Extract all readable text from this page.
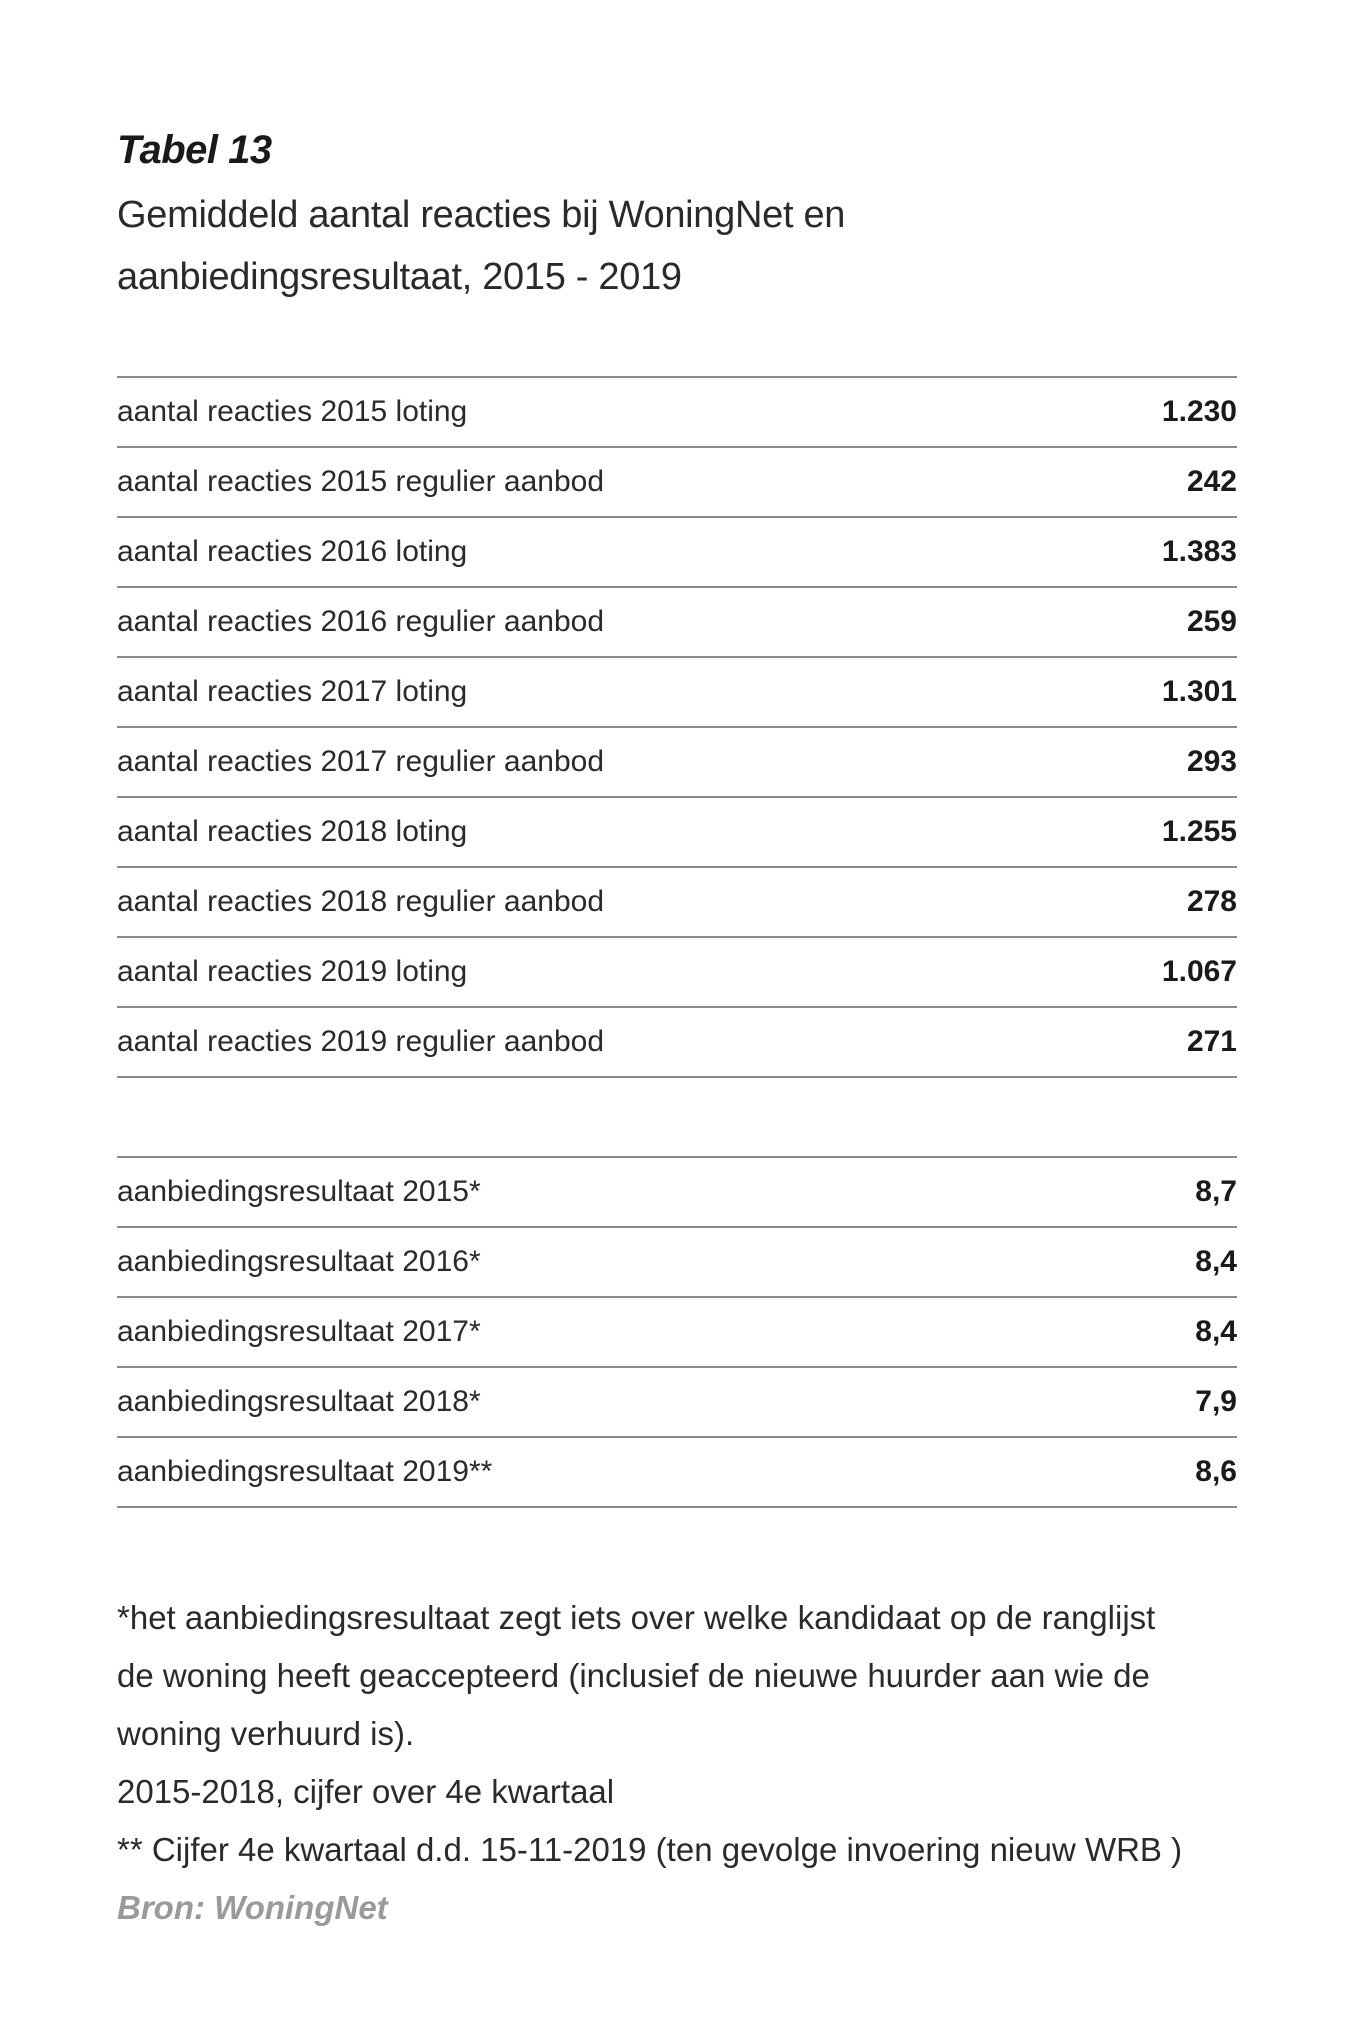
Tabel 13
Gemiddeld aantal reacties bij WoningNet en
aanbiedingsresultaat, 2015 - 2019
aantal reacties 2015 loting	1.230
aantal reacties 2015 regulier aanbod	242
aantal reacties 2016 loting	1.383
aantal reacties 2016 regulier aanbod	259
aantal reacties 2017 loting	1.301
aantal reacties 2017 regulier aanbod	293
aantal reacties 2018 loting	1.255
aantal reacties 2018 regulier aanbod	278
aantal reacties 2019 loting	1.067
aantal reacties 2019 regulier aanbod	271
aanbiedingsresultaat 2015*	8,7
aanbiedingsresultaat 2016*	8,4
aanbiedingsresultaat 2017*	8,4
aanbiedingsresultaat 2018*	7,9
aanbiedingsresultaat 2019**	8,6

*het aanbiedingsresultaat zegt iets over welke kandidaat op de ranglijst

de woning heeft geaccepteerd (inclusief de nieuwe huurder aan wie de

woning verhuurd is).

2015-2018, cijfer over 4e kwartaal

** Cijfer 4e kwartaal d.d. 15-11-2019 (ten gevolge invoering nieuw WRB )

Bron: WoningNet
